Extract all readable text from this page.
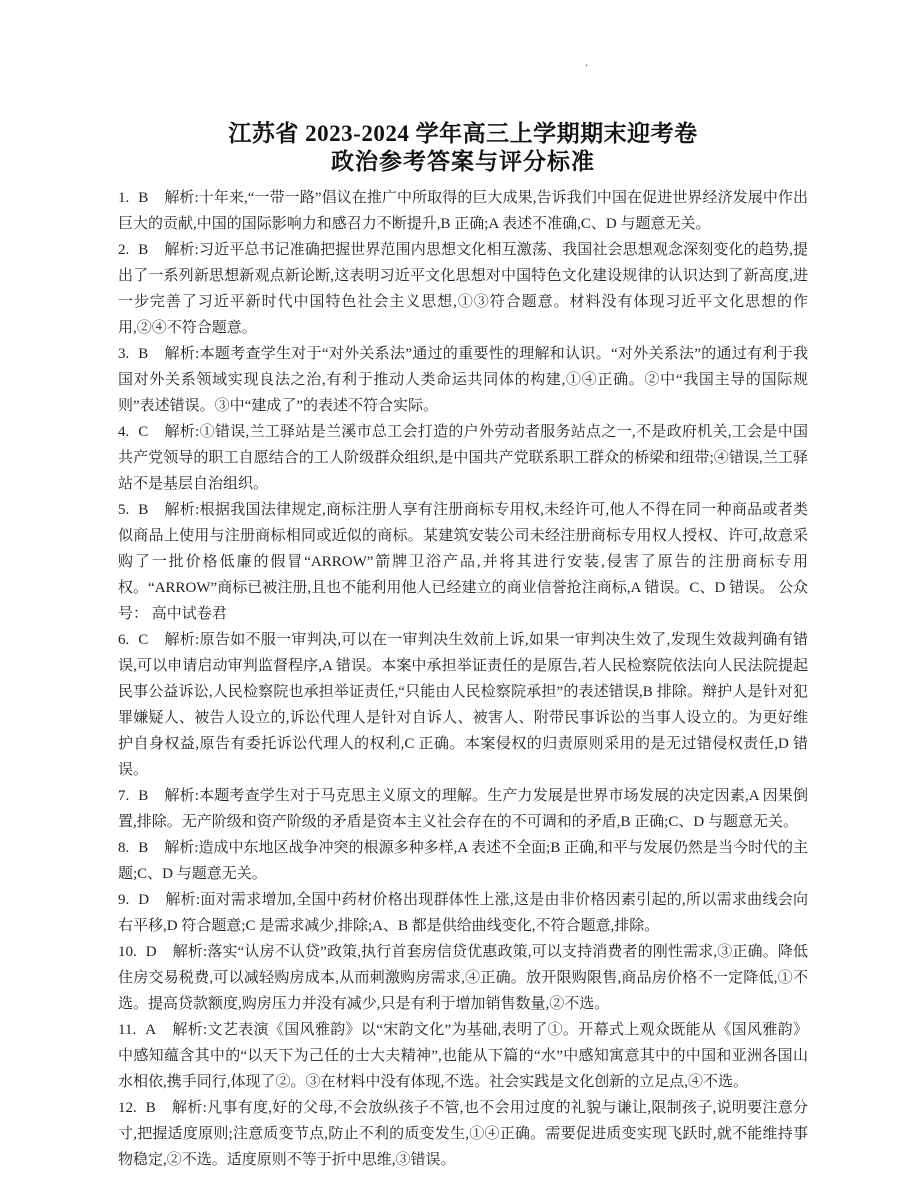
.
江苏省 2023-2024 学年高三上学期期末迎考卷
政治参考答案与评分标准

1. B 解析:十年来,“一带一路”倡议在推广中所取得的巨大成果,告诉我们中国在促进世界经济发展中作出巨大的贡献,中国的国际影响力和感召力不断提升,B 正确;A 表述不准确,C、D 与题意无关。

2. B 解析:习近平总书记准确把握世界范围内思想文化相互激荡、我国社会思想观念深刻变化的趋势,提出了一系列新思想新观点新论断,这表明习近平文化思想对中国特色文化建设规律的认识达到了新高度,进一步完善了习近平新时代中国特色社会主义思想,①③符合题意。材料没有体现习近平文化思想的作用,②④不符合题意。

3. B 解析:本题考查学生对于“对外关系法”通过的重要性的理解和认识。“对外关系法”的通过有利于我国对外关系领域实现良法之治,有利于推动人类命运共同体的构建,①④正确。②中“我国主导的国际规则”表述错误。③中“建成了”的表述不符合实际。

4. C 解析:①错误,兰工驿站是兰溪市总工会打造的户外劳动者服务站点之一,不是政府机关,工会是中国共产党领导的职工自愿结合的工人阶级群众组织,是中国共产党联系职工群众的桥梁和纽带;④错误,兰工驿站不是基层自治组织。

5. B 解析:根据我国法律规定,商标注册人享有注册商标专用权,未经许可,他人不得在同一种商品或者类似商品上使用与注册商标相同或近似的商标。某建筑安装公司未经注册商标专用权人授权、许可,故意采购了一批价格低廉的假冒“ARROW”箭牌卫浴产品,并将其进行安装,侵害了原告的注册商标专用权。“ARROW”商标已被注册,且也不能利用他人已经建立的商业信誉抢注商标,A 错误。C、D 错误。 公众号： 高中试卷君

6. C 解析:原告如不服一审判决,可以在一审判决生效前上诉,如果一审判决生效了,发现生效裁判确有错误,可以申请启动审判监督程序,A 错误。本案中承担举证责任的是原告,若人民检察院依法向人民法院提起民事公益诉讼,人民检察院也承担举证责任,“只能由人民检察院承担”的表述错误,B 排除。辩护人是针对犯罪嫌疑人、被告人设立的,诉讼代理人是针对自诉人、被害人、附带民事诉讼的当事人设立的。为更好维护自身权益,原告有委托诉讼代理人的权利,C 正确。本案侵权的归责原则采用的是无过错侵权责任,D 错误。

7. B 解析:本题考查学生对于马克思主义原文的理解。生产力发展是世界市场发展的决定因素,A 因果倒置,排除。无产阶级和资产阶级的矛盾是资本主义社会存在的不可调和的矛盾,B 正确;C、D 与题意无关。

8. B 解析:造成中东地区战争冲突的根源多种多样,A 表述不全面;B 正确,和平与发展仍然是当今时代的主题;C、D 与题意无关。

9. D 解析:面对需求增加,全国中药材价格出现群体性上涨,这是由非价格因素引起的,所以需求曲线会向右平移,D 符合题意;C 是需求减少,排除;A、B 都是供给曲线变化,不符合题意,排除。

10. D 解析:落实“认房不认贷”政策,执行首套房信贷优惠政策,可以支持消费者的刚性需求,③正确。降低住房交易税费,可以减轻购房成本,从而刺激购房需求,④正确。放开限购限售,商品房价格不一定降低,①不选。提高贷款额度,购房压力并没有减少,只是有利于增加销售数量,②不选。

11. A 解析:文艺表演《国风雅韵》以“宋韵文化”为基础,表明了①。开幕式上观众既能从《国风雅韵》中感知蕴含其中的“以天下为己任的士大夫精神”,也能从下篇的“水”中感知寓意其中的中国和亚洲各国山水相依,携手同行,体现了②。③在材料中没有体现,不选。社会实践是文化创新的立足点,④不选。

12. B 解析:凡事有度,好的父母,不会放纵孩子不管,也不会用过度的礼貌与谦让,限制孩子,说明要注意分寸,把握适度原则;注意质变节点,防止不利的质变发生,①④正确。需要促进质变实现飞跃时,就不能维持事物稳定,②不选。适度原则不等于折中思维,③错误。
